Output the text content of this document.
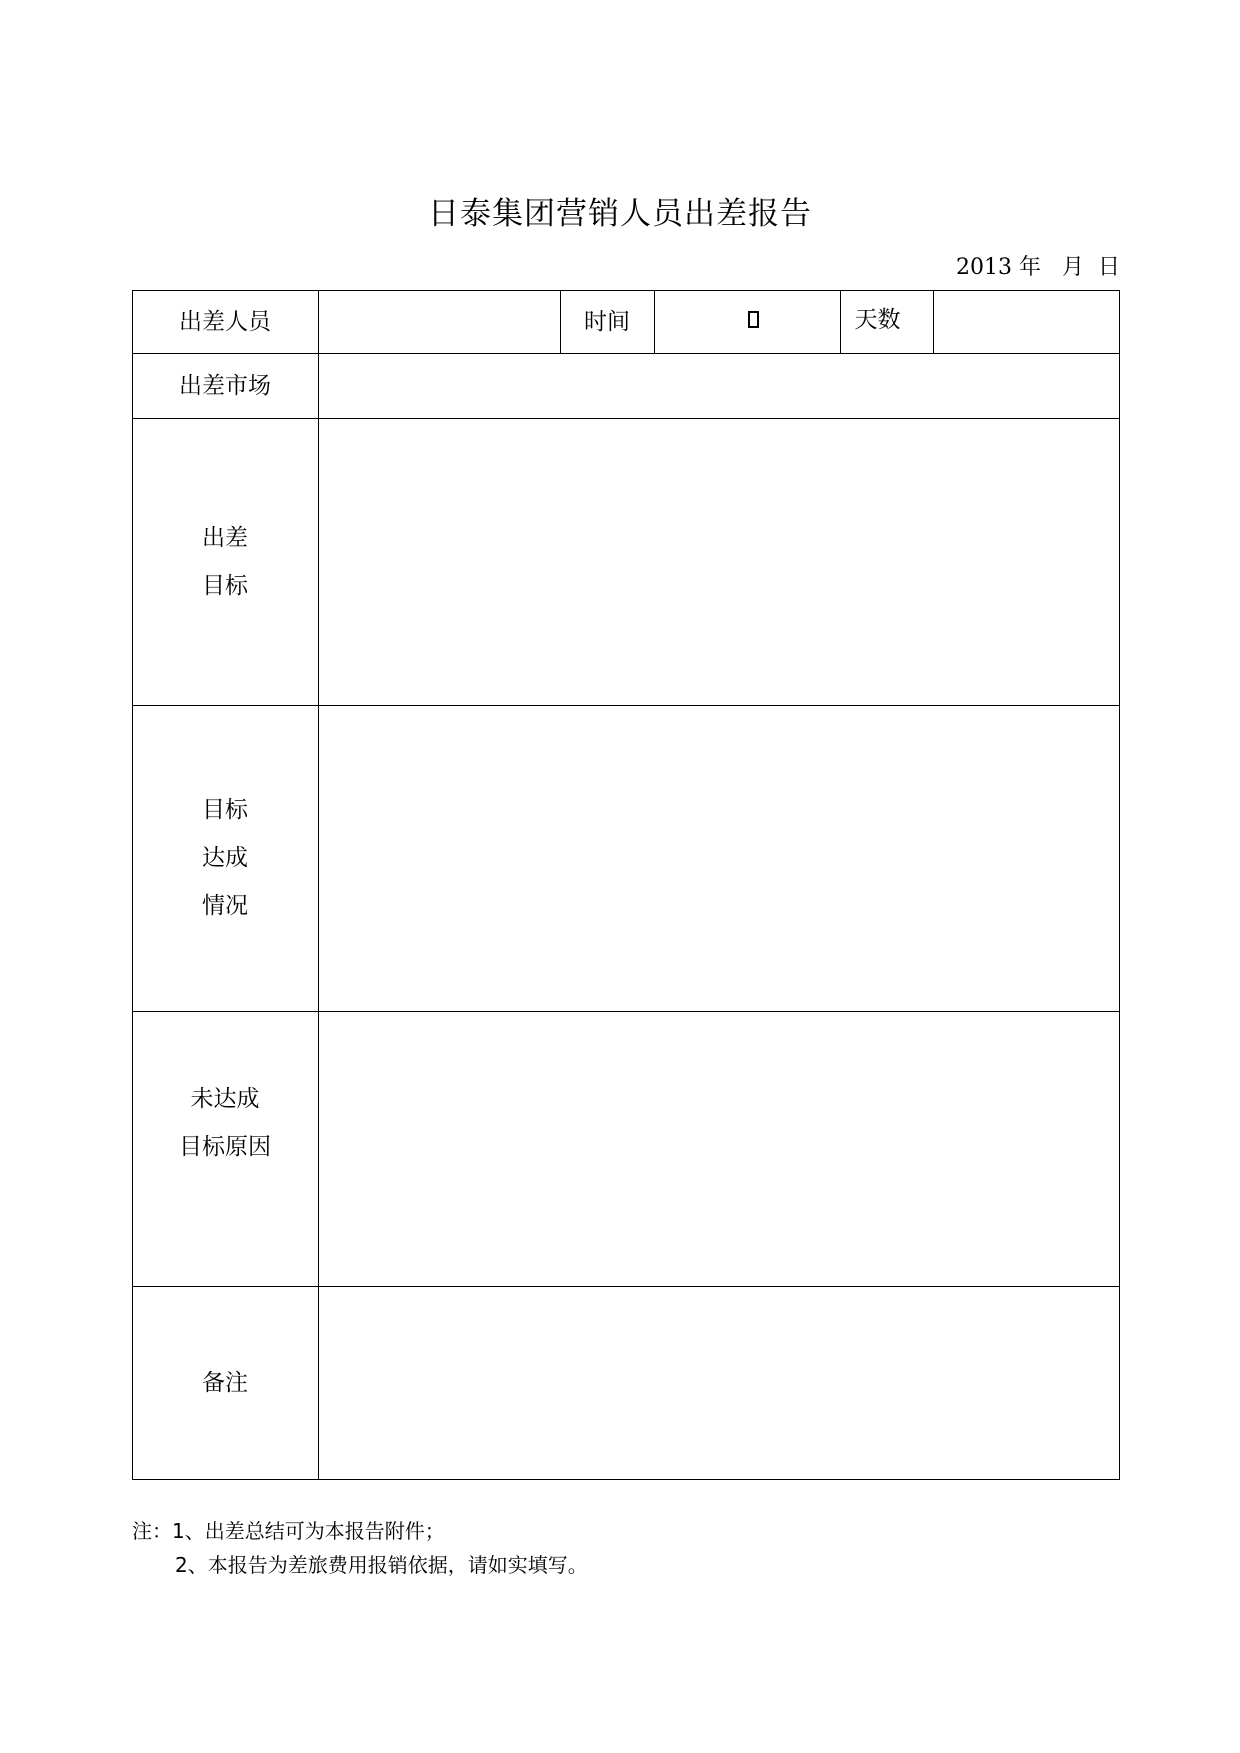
日泰集团营销人员出差报告
2013 年 月 日
出差人员	时间	天数
出差市场
出差
目标
目标
达成
情况
未达成
目标原因
备注
注：1、出差总结可为本报告附件；
2、本报告为差旅费用报销依据，请如实填写。
